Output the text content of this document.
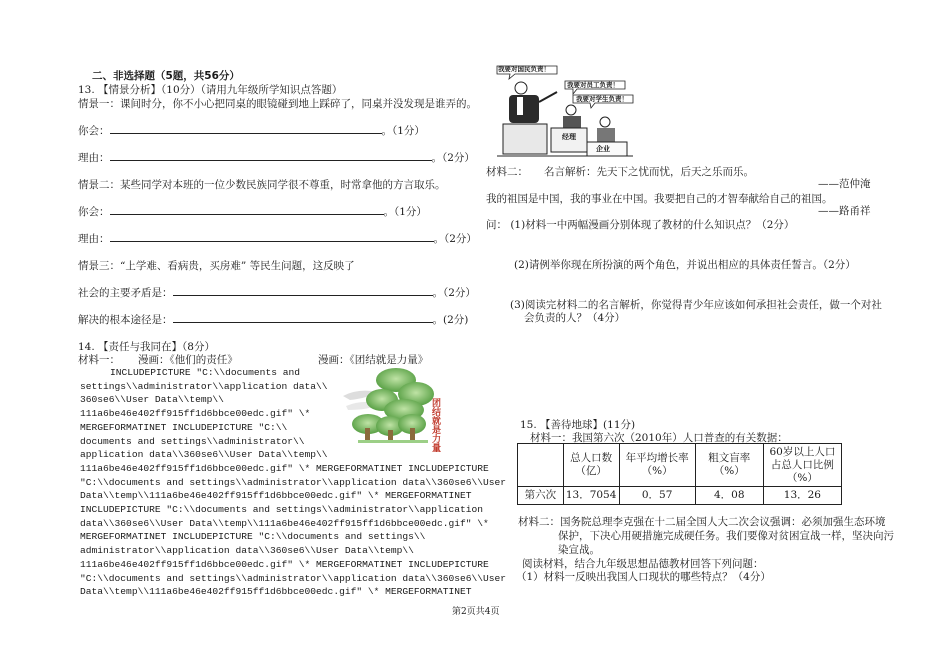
二、非选择题（5题，共56分）
13. 【情景分析】（10分）（请用九年级所学知识点答题）
情景一：课间时分，你不小心把同桌的眼镜碰到地上踩碎了，同桌并没发现是谁弄的。
你会：	。（1分）
理由：	。（2分）
情景二：某些同学对本班的一位少数民族同学很不尊重，时常拿他的方言取乐。
你会：	。（1分）
理由：	。（2分）
情景三：“上学难、看病贵，买房难” 等民生问题，这反映了
社会的主要矛盾是：	。（2分）
解决的根本途径是：	。(2分)
14. 【责任与我同在】（8分）
材料一： 漫画：《他们的责任》	漫画：《团结就是力量》
INCLUDEPICTURE "C:\\documents and
settings\\administrator\\application data\\
360se6\\User Data\\temp\\
111a6be46e402ff915ff1d6bbce00edc.gif" \*
MERGEFORMATINET INCLUDEPICTURE "C:\\
documents and settings\\administrator\\
application data\\360se6\\User Data\\temp\\
111a6be46e402ff915ff1d6bbce00edc.gif" \* MERGEFORMATINET INCLUDEPICTURE
"C:\\documents and settings\\administrator\\application data\\360se6\\User
Data\\temp\\111a6be46e402ff915ff1d6bbce00edc.gif" \* MERGEFORMATINET
INCLUDEPICTURE "C:\\documents and settings\\administrator\\application
data\\360se6\\User Data\\temp\\111a6be46e402ff915ff1d6bbce00edc.gif" \*
MERGEFORMATINET INCLUDEPICTURE "C:\\documents and settings\\
administrator\\application data\\360se6\\User Data\\temp\\
111a6be46e402ff915ff1d6bbce00edc.gif" \* MERGEFORMATINET INCLUDEPICTURE
"C:\\documents and settings\\administrator\\application data\\360se6\\User
Data\\temp\\111a6be46e402ff915ff1d6bbce00edc.gif" \* MERGEFORMATINET
团结就是力量
我要对国民负责！
我要对员工负责！
我要对学生负责！
经理
企业
材料二： 名言解析：先天下之忧而忧，后天之乐而乐。
——范仲淹
我的祖国是中国，我的事业在中国。我要把自己的才智奉献给自己的祖国。
——路甬祥
问： (1)材料一中两幅漫画分别体现了教材的什么知识点？（2分）
(2)请例举你现在所扮演的两个角色，并说出相应的具体责任誓言。（2分）
(3)阅读完材料二的名言解析，你觉得青少年应该如何承担社会责任，做一个对社
会负责的人？（4分）
15. 【善待地球】(11分)
材料一：我国第六次（2010年）人口普查的有关数据：
	总人口数（亿）	年平均增长率（%）	粗文盲率（%）	60岁以上人口占总人口比例（%）
第六次	13．7054	0．57	4．08	13．26
材料二：国务院总理李克强在十二届全国人大二次会议强调：必须加强生态环境
保护，下决心用硬措施完成硬任务。我们要像对贫困宣战一样，坚决向污
染宣战。
阅读材料，结合九年级思想品德教材回答下列问题：
（1）材料一反映出我国人口现状的哪些特点？（4分）
第2页共4页
